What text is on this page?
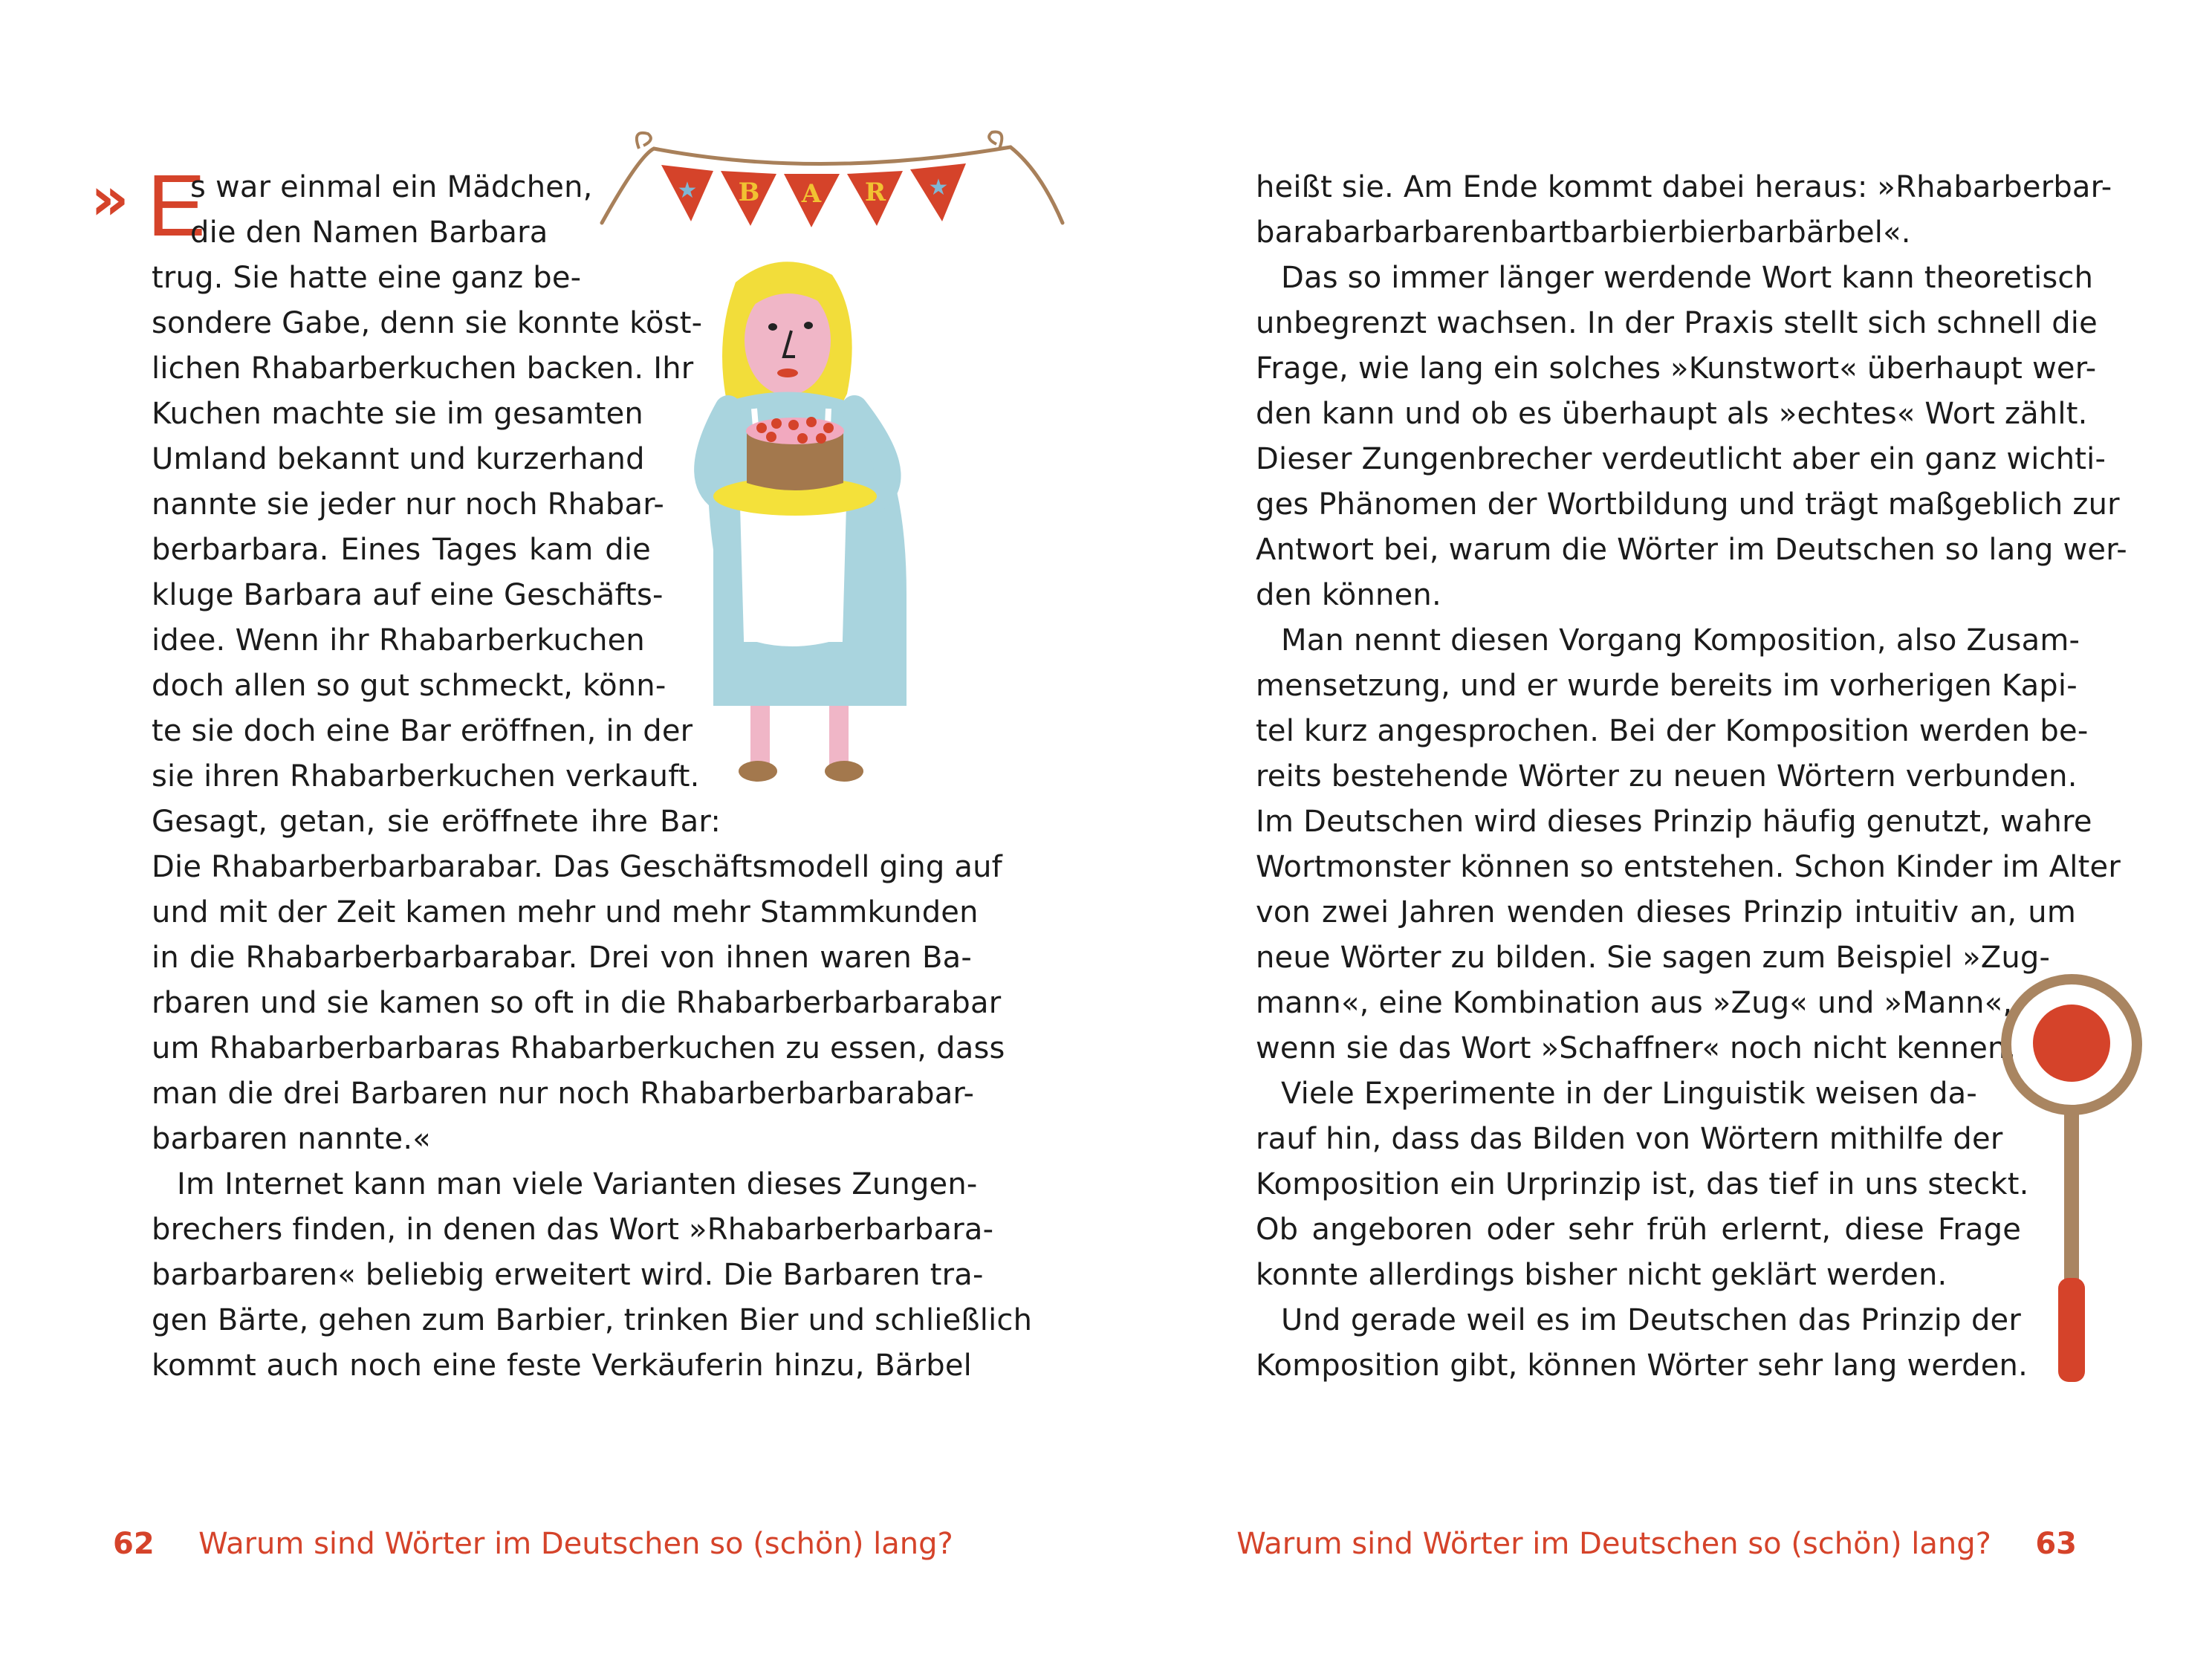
» E
s war einmal ein Mädchen,
die den Namen Barbara
trug. Sie hatte eine ganz be-
sondere Gabe, denn sie konnte köst-
lichen Rhabarberkuchen backen. Ihr
Kuchen machte sie im gesamten
Umland bekannt und kurzerhand
nannte sie jeder nur noch Rhabar-
berbarbara. Eines Tages kam die
kluge Barbara auf eine Geschäfts-
idee. Wenn ihr Rhabarberkuchen
doch allen so gut schmeckt, könn-
te sie doch eine Bar eröffnen, in der
sie ihren Rhabarberkuchen verkauft.
Gesagt, getan, sie eröffnete ihre Bar:
Die Rhabarberbarbarabar. Das Geschäftsmodell ging auf
und mit der Zeit kamen mehr und mehr Stammkunden
in die Rhabarberbarbarabar. Drei von ihnen waren Ba-
rbaren und sie kamen so oft in die Rhabarberbarbarabar
um Rhabarberbarbaras Rhabarberkuchen zu essen, dass
man die drei Barbaren nur noch Rhabarberbarbarabar-
barbaren nannte.«
Im Internet kann man viele Varianten dieses Zungen-
brechers finden, in denen das Wort »Rhabarberbarbara-
barbarbaren« beliebig erweitert wird. Die Barbaren tra-
gen Bärte, gehen zum Barbier, trinken Bier und schließlich
kommt auch noch eine feste Verkäuferin hinzu, Bärbel
62 Warum sind Wörter im Deutschen so (schön) lang?
★ B A R ★	heißt sie. Am Ende kommt dabei heraus: »Rhabarberbar-
barabarbarbarenbartbarbierbierbarbärbel«.
Das so immer länger werdende Wort kann theoretisch
unbegrenzt wachsen. In der Praxis stellt sich schnell die
Frage, wie lang ein solches »Kunstwort« überhaupt wer-
den kann und ob es überhaupt als »echtes« Wort zählt.
Dieser Zungenbrecher verdeutlicht aber ein ganz wichti-
ges Phänomen der Wortbildung und trägt maßgeblich zur
Antwort bei, warum die Wörter im Deutschen so lang wer-
den können.
Man nennt diesen Vorgang Komposition, also Zusam-
mensetzung, und er wurde bereits im vorherigen Kapi-
tel kurz angesprochen. Bei der Komposition werden be-
reits bestehende Wörter zu neuen Wörtern verbunden.
Im Deutschen wird dieses Prinzip häufig genutzt, wahre
Wortmonster können so entstehen. Schon Kinder im Alter
von zwei Jahren wenden dieses Prinzip intuitiv an, um
neue Wörter zu bilden. Sie sagen zum Beispiel »Zug-
mann«, eine Kombination aus »Zug« und »Mann«,
wenn sie das Wort »Schaffner« noch nicht kennen.
Viele Experimente in der Linguistik weisen da-
rauf hin, dass das Bilden von Wörtern mithilfe der
Komposition ein Urprinzip ist, das tief in uns steckt.
Ob angeboren oder sehr früh erlernt, diese Frage
konnte allerdings bisher nicht geklärt werden.
Und gerade weil es im Deutschen das Prinzip der
Komposition gibt, können Wörter sehr lang werden.
Warum sind Wörter im Deutschen so (schön) lang? 63
